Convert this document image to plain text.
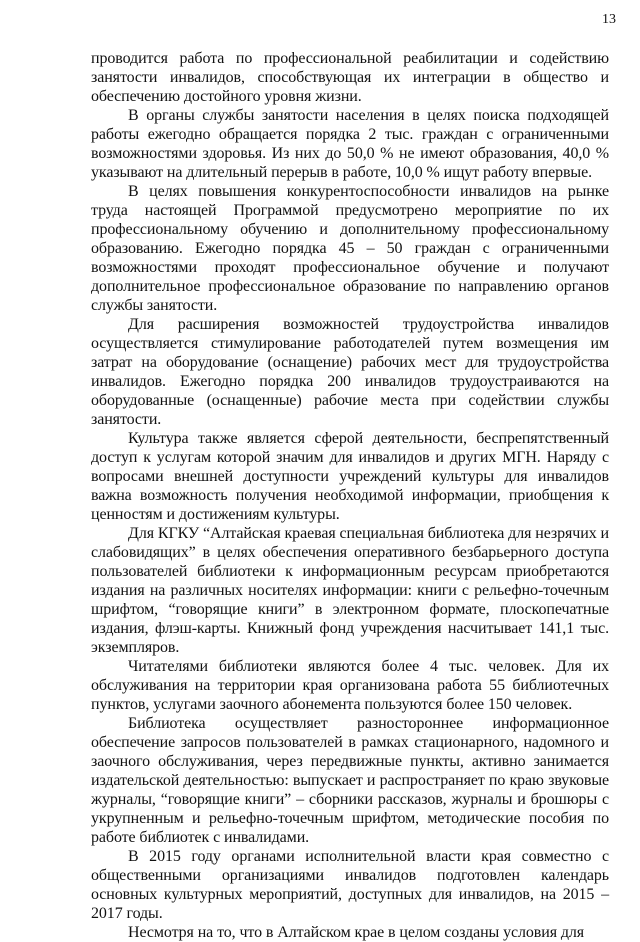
13

проводится работа по профессиональной реабилитации и содействию занятости инвалидов, способствующая их интеграции в общество и обеспечению достойного уровня жизни.

В органы службы занятости населения в целях поиска подходящей работы ежегодно обращается порядка 2 тыс. граждан с ограниченными возможностями здоровья. Из них до 50,0 % не имеют образования, 40,0 % указывают на длительный перерыв в работе, 10,0 % ищут работу впервые.

В целях повышения конкурентоспособности инвалидов на рынке труда настоящей Программой предусмотрено мероприятие по их профессиональному обучению и дополнительному профессиональному образованию. Ежегодно порядка 45 – 50 граждан с ограниченными возможностями проходят профессиональное обучение и получают дополнительное профессиональное образование по направлению органов службы занятости.

Для расширения возможностей трудоустройства инвалидов осуществляется стимулирование работодателей путем возмещения им затрат на оборудование (оснащение) рабочих мест для трудоустройства инвалидов. Ежегодно порядка 200 инвалидов трудоустраиваются на оборудованные (оснащенные) рабочие места при содействии службы занятости.

Культура также является сферой деятельности, беспрепятственный доступ к услугам которой значим для инвалидов и других МГН. Наряду с вопросами внешней доступности учреждений культуры для инвалидов важна возможность получения необходимой информации, приобщения к ценностям и достижениям культуры.

Для КГКУ “Алтайская краевая специальная библиотека для незрячих и слабовидящих” в целях обеспечения оперативного безбарьерного доступа пользователей библиотеки к информационным ресурсам приобретаются издания на различных носителях информации: книги с рельефно-точечным шрифтом, “говорящие книги” в электронном формате, плоскопечатные издания, флэш-карты. Книжный фонд учреждения насчитывает 141,1 тыс. экземпляров.

Читателями библиотеки являются более 4 тыс. человек. Для их обслуживания на территории края организована работа 55 библиотечных пунктов, услугами заочного абонемента пользуются более 150 человек.

Библиотека осуществляет разностороннее информационное обеспечение запросов пользователей в рамках стационарного, надомного и заочного обслуживания, через передвижные пункты, активно занимается издательской деятельностью: выпускает и распространяет по краю звуковые журналы, “говорящие книги” – сборники рассказов, журналы и брошюры с укрупненным и рельефно-точечным шрифтом, методические пособия по работе библиотек с инвалидами.

В 2015 году органами исполнительной власти края совместно с общественными организациями инвалидов подготовлен календарь основных культурных мероприятий, доступных для инвалидов, на 2015 – 2017 годы.

Несмотря на то, что в Алтайском крае в целом созданы условия для
